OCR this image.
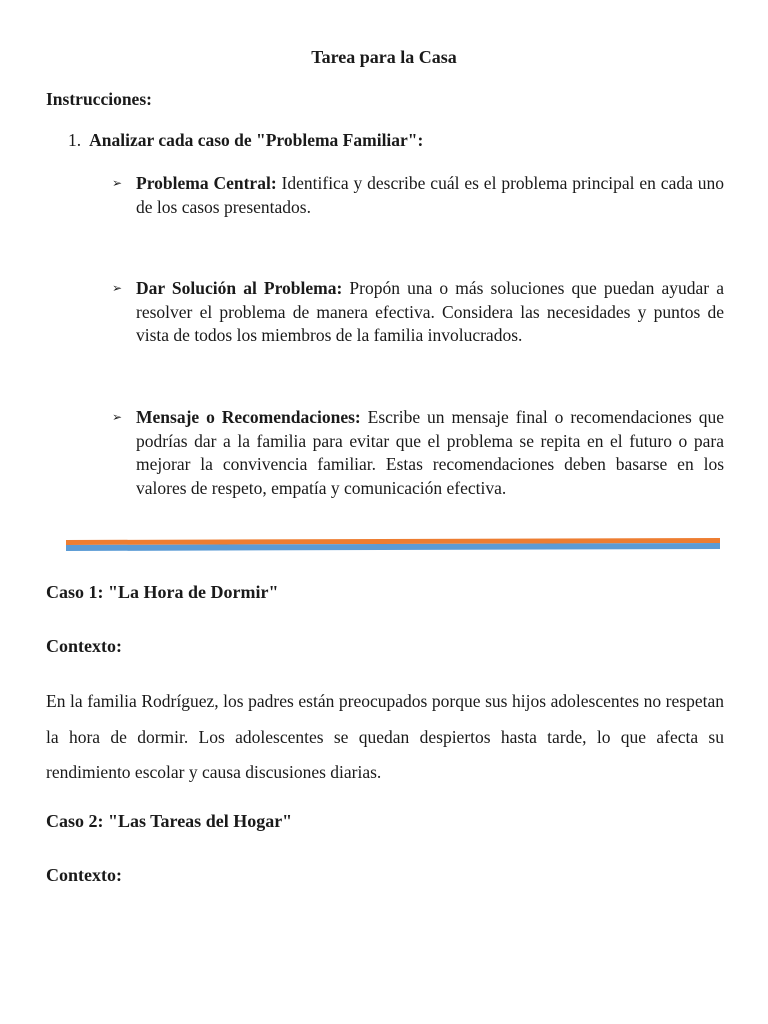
Tarea para la Casa
Instrucciones:
1. Analizar cada caso de "Problema Familiar":
➢ Problema Central: Identifica y describe cuál es el problema principal en cada uno de los casos presentados.
➢ Dar Solución al Problema: Propón una o más soluciones que puedan ayudar a resolver el problema de manera efectiva. Considera las necesidades y puntos de vista de todos los miembros de la familia involucrados.
➢ Mensaje o Recomendaciones: Escribe un mensaje final o recomendaciones que podrías dar a la familia para evitar que el problema se repita en el futuro o para mejorar la convivencia familiar. Estas recomendaciones deben basarse en los valores de respeto, empatía y comunicación efectiva.
Caso 1: "La Hora de Dormir"
Contexto:
En la familia Rodríguez, los padres están preocupados porque sus hijos adolescentes no respetan la hora de dormir. Los adolescentes se quedan despiertos hasta tarde, lo que afecta su rendimiento escolar y causa discusiones diarias.
Caso 2: "Las Tareas del Hogar"
Contexto:
